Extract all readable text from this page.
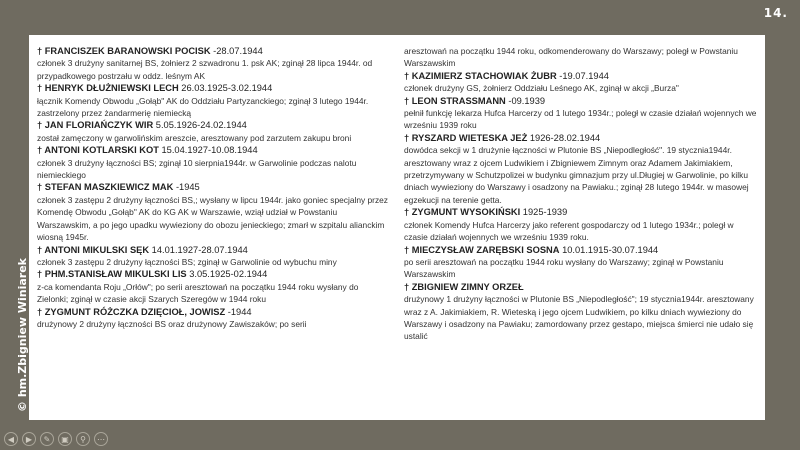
14.
© hm.Zbigniew Winiarek
† FRANCISZEK BARANOWSKI POCISK -28.07.1944
członek 3 drużyny sanitarnej BS, żołnierz 2 szwadronu 1. psk AK; zginął 28 lipca 1944r. od przypadkowego postrzału w oddz. leśnym AK
† HENRYK DŁUŻNIEWSKI LECH 26.03.1925-3.02.1944
łącznik Komendy Obwodu „Gołąb" AK do Oddziału Partyzanckiego; zginął 3 lutego 1944r. zastrzelony przez żandarmerię niemiecką
† JAN FLORIAŃCZYK WIR 5.05.1926-24.02.1944
został zamęczony w garwolińskim areszcie, aresztowany pod zarzutem zakupu broni
† ANTONI KOTLARSKI KOT 15.04.1927-10.08.1944
członek 3 drużyny łączności BS; zginął 10 sierpnia1944r. w Garwolinie podczas nalotu niemieckiego
† STEFAN MASZKIEWICZ MAK -1945
członek 3 zastępu 2 drużyny łączności BS,; wysłany w lipcu 1944r. jako goniec specjalny przez Komendę Obwodu „Gołąb" AK do KG AK w Warszawie, wziął udział w Powstaniu Warszawskim, a po jego upadku wywieziony do obozu jenieckiego; zmarł w szpitalu alianckim wiosną 1945r.
† ANTONI MIKULSKI SĘK 14.01.1927-28.07.1944
członek 3 zastępu 2 drużyny łączności BS; zginął w Garwolinie od wybuchu miny
† PHM.STANISŁAW MIKULSKI LIS 3.05.1925-02.1944
z-ca komendanta Roju „Orłów"; po serii aresztowań na początku 1944 roku wysłany do Zielonki; zginął w czasie akcji Szarych Szeregów w 1944 roku
† ZYGMUNT RÓŻCZKA DZIĘCIOŁ, JOWISZ -1944
drużynowy 2 drużyny łączności BS oraz drużynowy Zawiszaków; po serii
aresztowań na początku 1944 roku, odkomenderowany do Warszawy; poległ w Powstaniu Warszawskim
† KAZIMIERZ STACHOWIAK ŻUBR -19.07.1944
członek drużyny GS, żołnierz Oddziału Leśnego AK, zginął w akcji „Burza"
† LEON STRASSMANN -09.1939
pełnił funkcję lekarza Hufca Harcerzy od 1 lutego 1934r.; poległ w czasie działań wojennych we wrześniu 1939 roku
† RYSZARD WIETESKA JEŻ 1926-28.02.1944
dowódca sekcji w 1 drużynie łączności w Plutonie BS „Niepodległość". 19 stycznia1944r. aresztowany wraz z ojcem Ludwikiem i Zbigniewem Zimnym oraz Adamem Jakimiakiem, przetrzymywany w Schutzpolizei w budynku gimnazjum przy ul.Długiej w Garwolinie, po kilku dniach wywieziony do Warszawy i osadzony na Pawiaku.; zginął 28 lutego 1944r. w masowej egzekucji na terenie getta.
† ZYGMUNT WYSOKIŃSKI 1925-1939
członek Komendy Hufca Harcerzy jako referent gospodarczy od 1 lutego 1934r.; poległ w czasie działań wojennych we wrześniu 1939 roku.
† MIECZYSŁAW ZARĘBSKI SOSNA 10.01.1915-30.07.1944
po serii aresztowań na początku 1944 roku wysłany do Warszawy; zginął w Powstaniu Warszawskim
† ZBIGNIEW ZIMNY ORZEŁ
drużynowy 1 drużyny łączności w Plutonie BS „Niepodległość"; 19 stycznia1944r. aresztowany wraz z A. Jakimiakiem, R. Wieteską i jego ojcem Ludwikiem, po kilku dniach wywieziony do Warszawy i osadzony na Pawiaku; zamordowany przez gestapo, miejsca śmierci nie udało się ustalić
◀	▶	✎	▣	⚲	⋯
